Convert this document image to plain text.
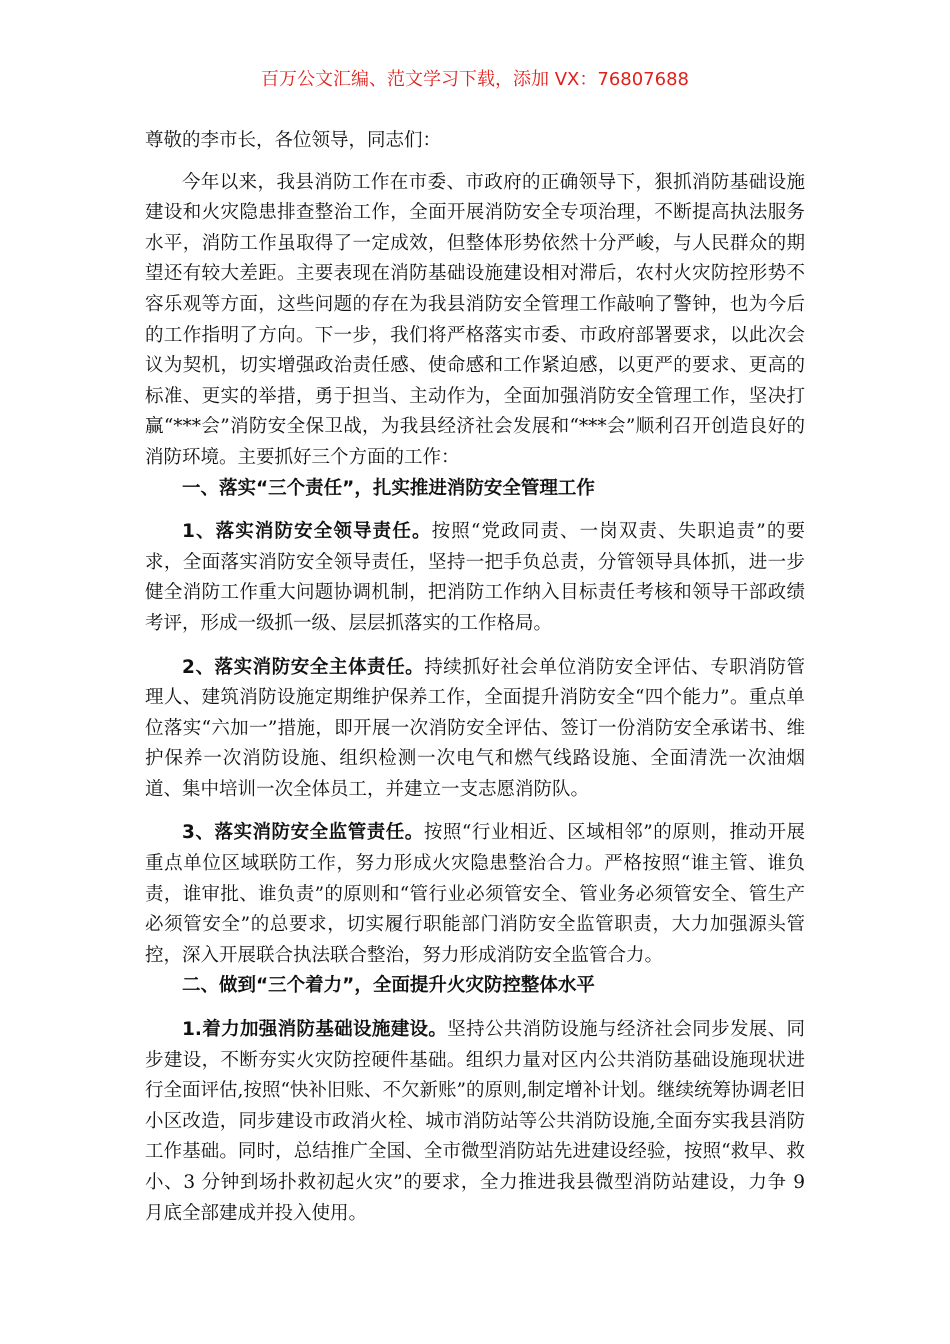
百万公文汇编、范文学习下载，添加 VX：76807688

尊敬的李市长，各位领导，同志们：

今年以来，我县消防工作在市委、市政府的正确领导下，狠抓消防基础设施建设和火灾隐患排查整治工作，全面开展消防安全专项治理，不断提高执法服务水平，消防工作虽取得了一定成效，但整体形势依然十分严峻，与人民群众的期望还有较大差距。主要表现在消防基础设施建设相对滞后，农村火灾防控形势不容乐观等方面，这些问题的存在为我县消防安全管理工作敲响了警钟，也为今后的工作指明了方向。下一步，我们将严格落实市委、市政府部署要求，以此次会议为契机，切实增强政治责任感、使命感和工作紧迫感，以更严的要求、更高的标准、更实的举措，勇于担当、主动作为，全面加强消防安全管理工作，坚决打赢“***会”消防安全保卫战，为我县经济社会发展和“***会”顺利召开创造良好的消防环境。主要抓好三个方面的工作：

一、落实“三个责任”，扎实推进消防安全管理工作

1、落实消防安全领导责任。按照“党政同责、一岗双责、失职追责”的要求，全面落实消防安全领导责任，坚持一把手负总责，分管领导具体抓，进一步健全消防工作重大问题协调机制，把消防工作纳入目标责任考核和领导干部政绩考评，形成一级抓一级、层层抓落实的工作格局。

2、落实消防安全主体责任。持续抓好社会单位消防安全评估、专职消防管理人、建筑消防设施定期维护保养工作，全面提升消防安全“四个能力”。重点单位落实“六加一”措施，即开展一次消防安全评估、签订一份消防安全承诺书、维护保养一次消防设施、组织检测一次电气和燃气线路设施、全面清洗一次油烟道、集中培训一次全体员工，并建立一支志愿消防队。

3、落实消防安全监管责任。按照“行业相近、区域相邻”的原则，推动开展重点单位区域联防工作，努力形成火灾隐患整治合力。严格按照“谁主管、谁负责，谁审批、谁负责”的原则和“管行业必须管安全、管业务必须管安全、管生产必须管安全”的总要求，切实履行职能部门消防安全监管职责，大力加强源头管控，深入开展联合执法联合整治，努力形成消防安全监管合力。

二、做到“三个着力”，全面提升火灾防控整体水平

1.着力加强消防基础设施建设。坚持公共消防设施与经济社会同步发展、同步建设，不断夯实火灾防控硬件基础。组织力量对区内公共消防基础设施现状进行全面评估,按照“快补旧账、不欠新账”的原则,制定增补计划。继续统筹协调老旧小区改造，同步建设市政消火栓、城市消防站等公共消防设施,全面夯实我县消防工作基础。同时，总结推广全国、全市微型消防站先进建设经验，按照“救早、救小、3 分钟到场扑救初起火灾”的要求，全力推进我县微型消防站建设，力争 9 月底全部建成并投入使用。
